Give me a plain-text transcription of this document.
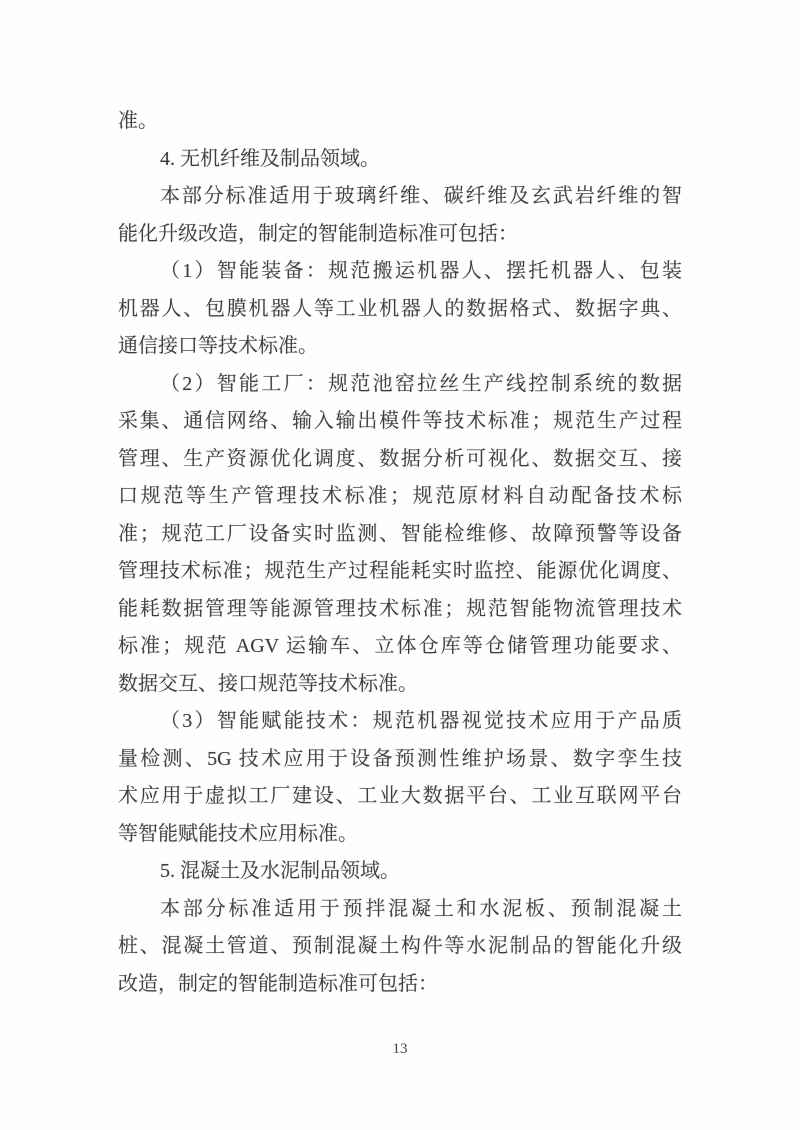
准。
4. 无机纤维及制品领域。
本部分标准适用于玻璃纤维、碳纤维及玄武岩纤维的智
能化升级改造，制定的智能制造标准可包括：
（1）智能装备：规范搬运机器人、摆托机器人、包装
机器人、包膜机器人等工业机器人的数据格式、数据字典、
通信接口等技术标准。
（2）智能工厂：规范池窑拉丝生产线控制系统的数据
采集、通信网络、输入输出模件等技术标准；规范生产过程
管理、生产资源优化调度、数据分析可视化、数据交互、接
口规范等生产管理技术标准；规范原材料自动配备技术标
准；规范工厂设备实时监测、智能检维修、故障预警等设备
管理技术标准；规范生产过程能耗实时监控、能源优化调度、
能耗数据管理等能源管理技术标准；规范智能物流管理技术
标准；规范 AGV 运输车、立体仓库等仓储管理功能要求、
数据交互、接口规范等技术标准。
（3）智能赋能技术：规范机器视觉技术应用于产品质
量检测、5G 技术应用于设备预测性维护场景、数字孪生技
术应用于虚拟工厂建设、工业大数据平台、工业互联网平台
等智能赋能技术应用标准。
5. 混凝土及水泥制品领域。
本部分标准适用于预拌混凝土和水泥板、预制混凝土
桩、混凝土管道、预制混凝土构件等水泥制品的智能化升级
改造，制定的智能制造标准可包括：
13
